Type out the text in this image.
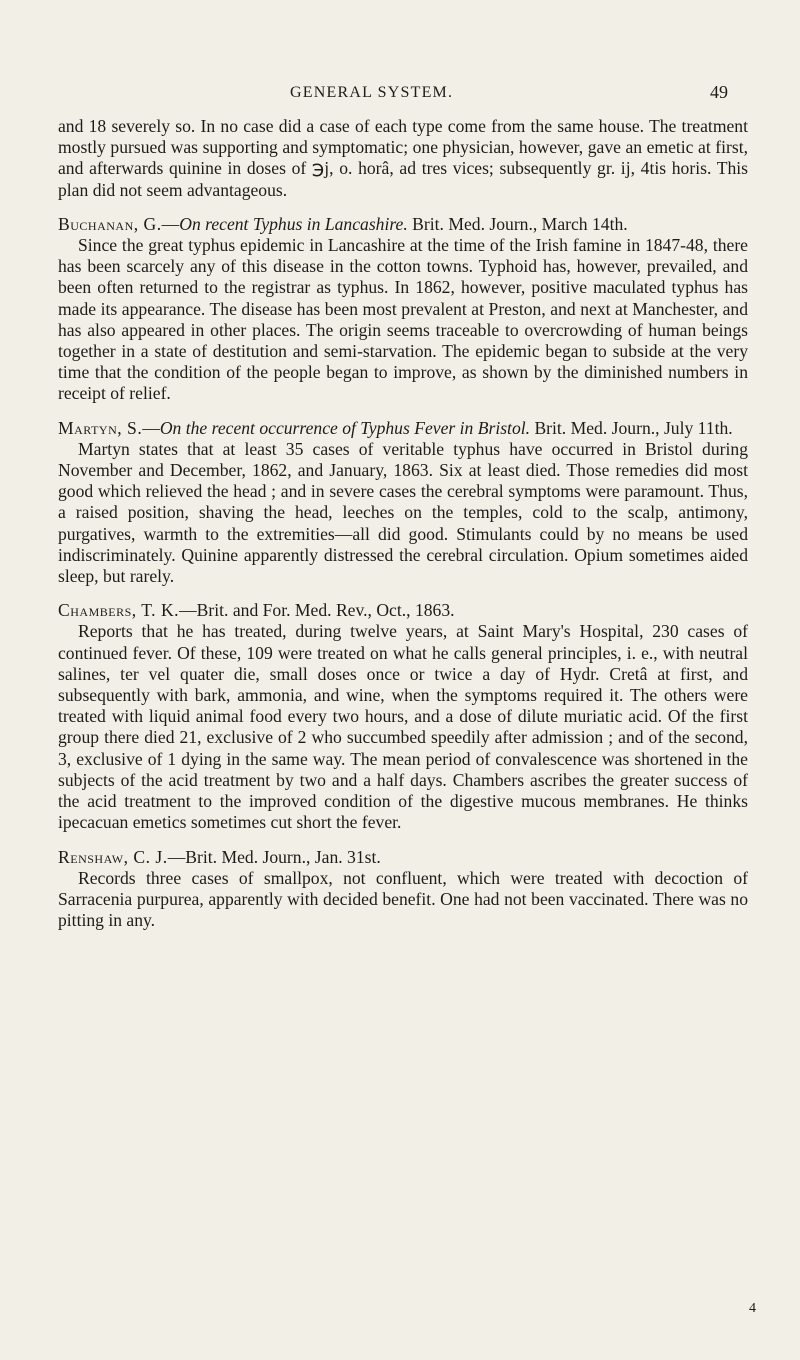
GENERAL SYSTEM.	49

and 18 severely so. In no case did a case of each type come from the same house. The treatment mostly pursued was supporting and symptomatic; one physician, however, gave an emetic at first, and afterwards quinine in doses of ℈j, o. horâ, ad tres vices; subsequently gr. ij, 4tis horis. This plan did not seem advantageous.

Buchanan, G.—On recent Typhus in Lancashire. Brit. Med. Journ., March 14th.

Since the great typhus epidemic in Lancashire at the time of the Irish famine in 1847-48, there has been scarcely any of this disease in the cotton towns. Typhoid has, however, prevailed, and been often returned to the registrar as typhus. In 1862, however, positive maculated typhus has made its appearance. The disease has been most prevalent at Preston, and next at Manchester, and has also appeared in other places. The origin seems traceable to overcrowding of human beings together in a state of destitution and semi-starvation. The epidemic began to subside at the very time that the condition of the people began to improve, as shown by the diminished numbers in receipt of relief.

Martyn, S.—On the recent occurrence of Typhus Fever in Bristol. Brit. Med. Journ., July 11th.

Martyn states that at least 35 cases of veritable typhus have occurred in Bristol during November and December, 1862, and January, 1863. Six at least died. Those remedies did most good which relieved the head ; and in severe cases the cerebral symptoms were paramount. Thus, a raised position, shaving the head, leeches on the temples, cold to the scalp, antimony, purgatives, warmth to the extremities—all did good. Stimulants could by no means be used indiscriminately. Quinine apparently distressed the cerebral circulation. Opium sometimes aided sleep, but rarely.

Chambers, T. K.—Brit. and For. Med. Rev., Oct., 1863.

Reports that he has treated, during twelve years, at Saint Mary's Hospital, 230 cases of continued fever. Of these, 109 were treated on what he calls general principles, i. e., with neutral salines, ter vel quater die, small doses once or twice a day of Hydr. Cretâ at first, and subsequently with bark, ammonia, and wine, when the symptoms required it. The others were treated with liquid animal food every two hours, and a dose of dilute muriatic acid. Of the first group there died 21, exclusive of 2 who succumbed speedily after admission ; and of the second, 3, exclusive of 1 dying in the same way. The mean period of convalescence was shortened in the subjects of the acid treatment by two and a half days. Chambers ascribes the greater success of the acid treatment to the improved condition of the digestive mucous membranes. He thinks ipecacuan emetics sometimes cut short the fever.

Renshaw, C. J.—Brit. Med. Journ., Jan. 31st.

Records three cases of smallpox, not confluent, which were treated with decoction of Sarracenia purpurea, apparently with decided benefit. One had not been vaccinated. There was no pitting in any.

4
